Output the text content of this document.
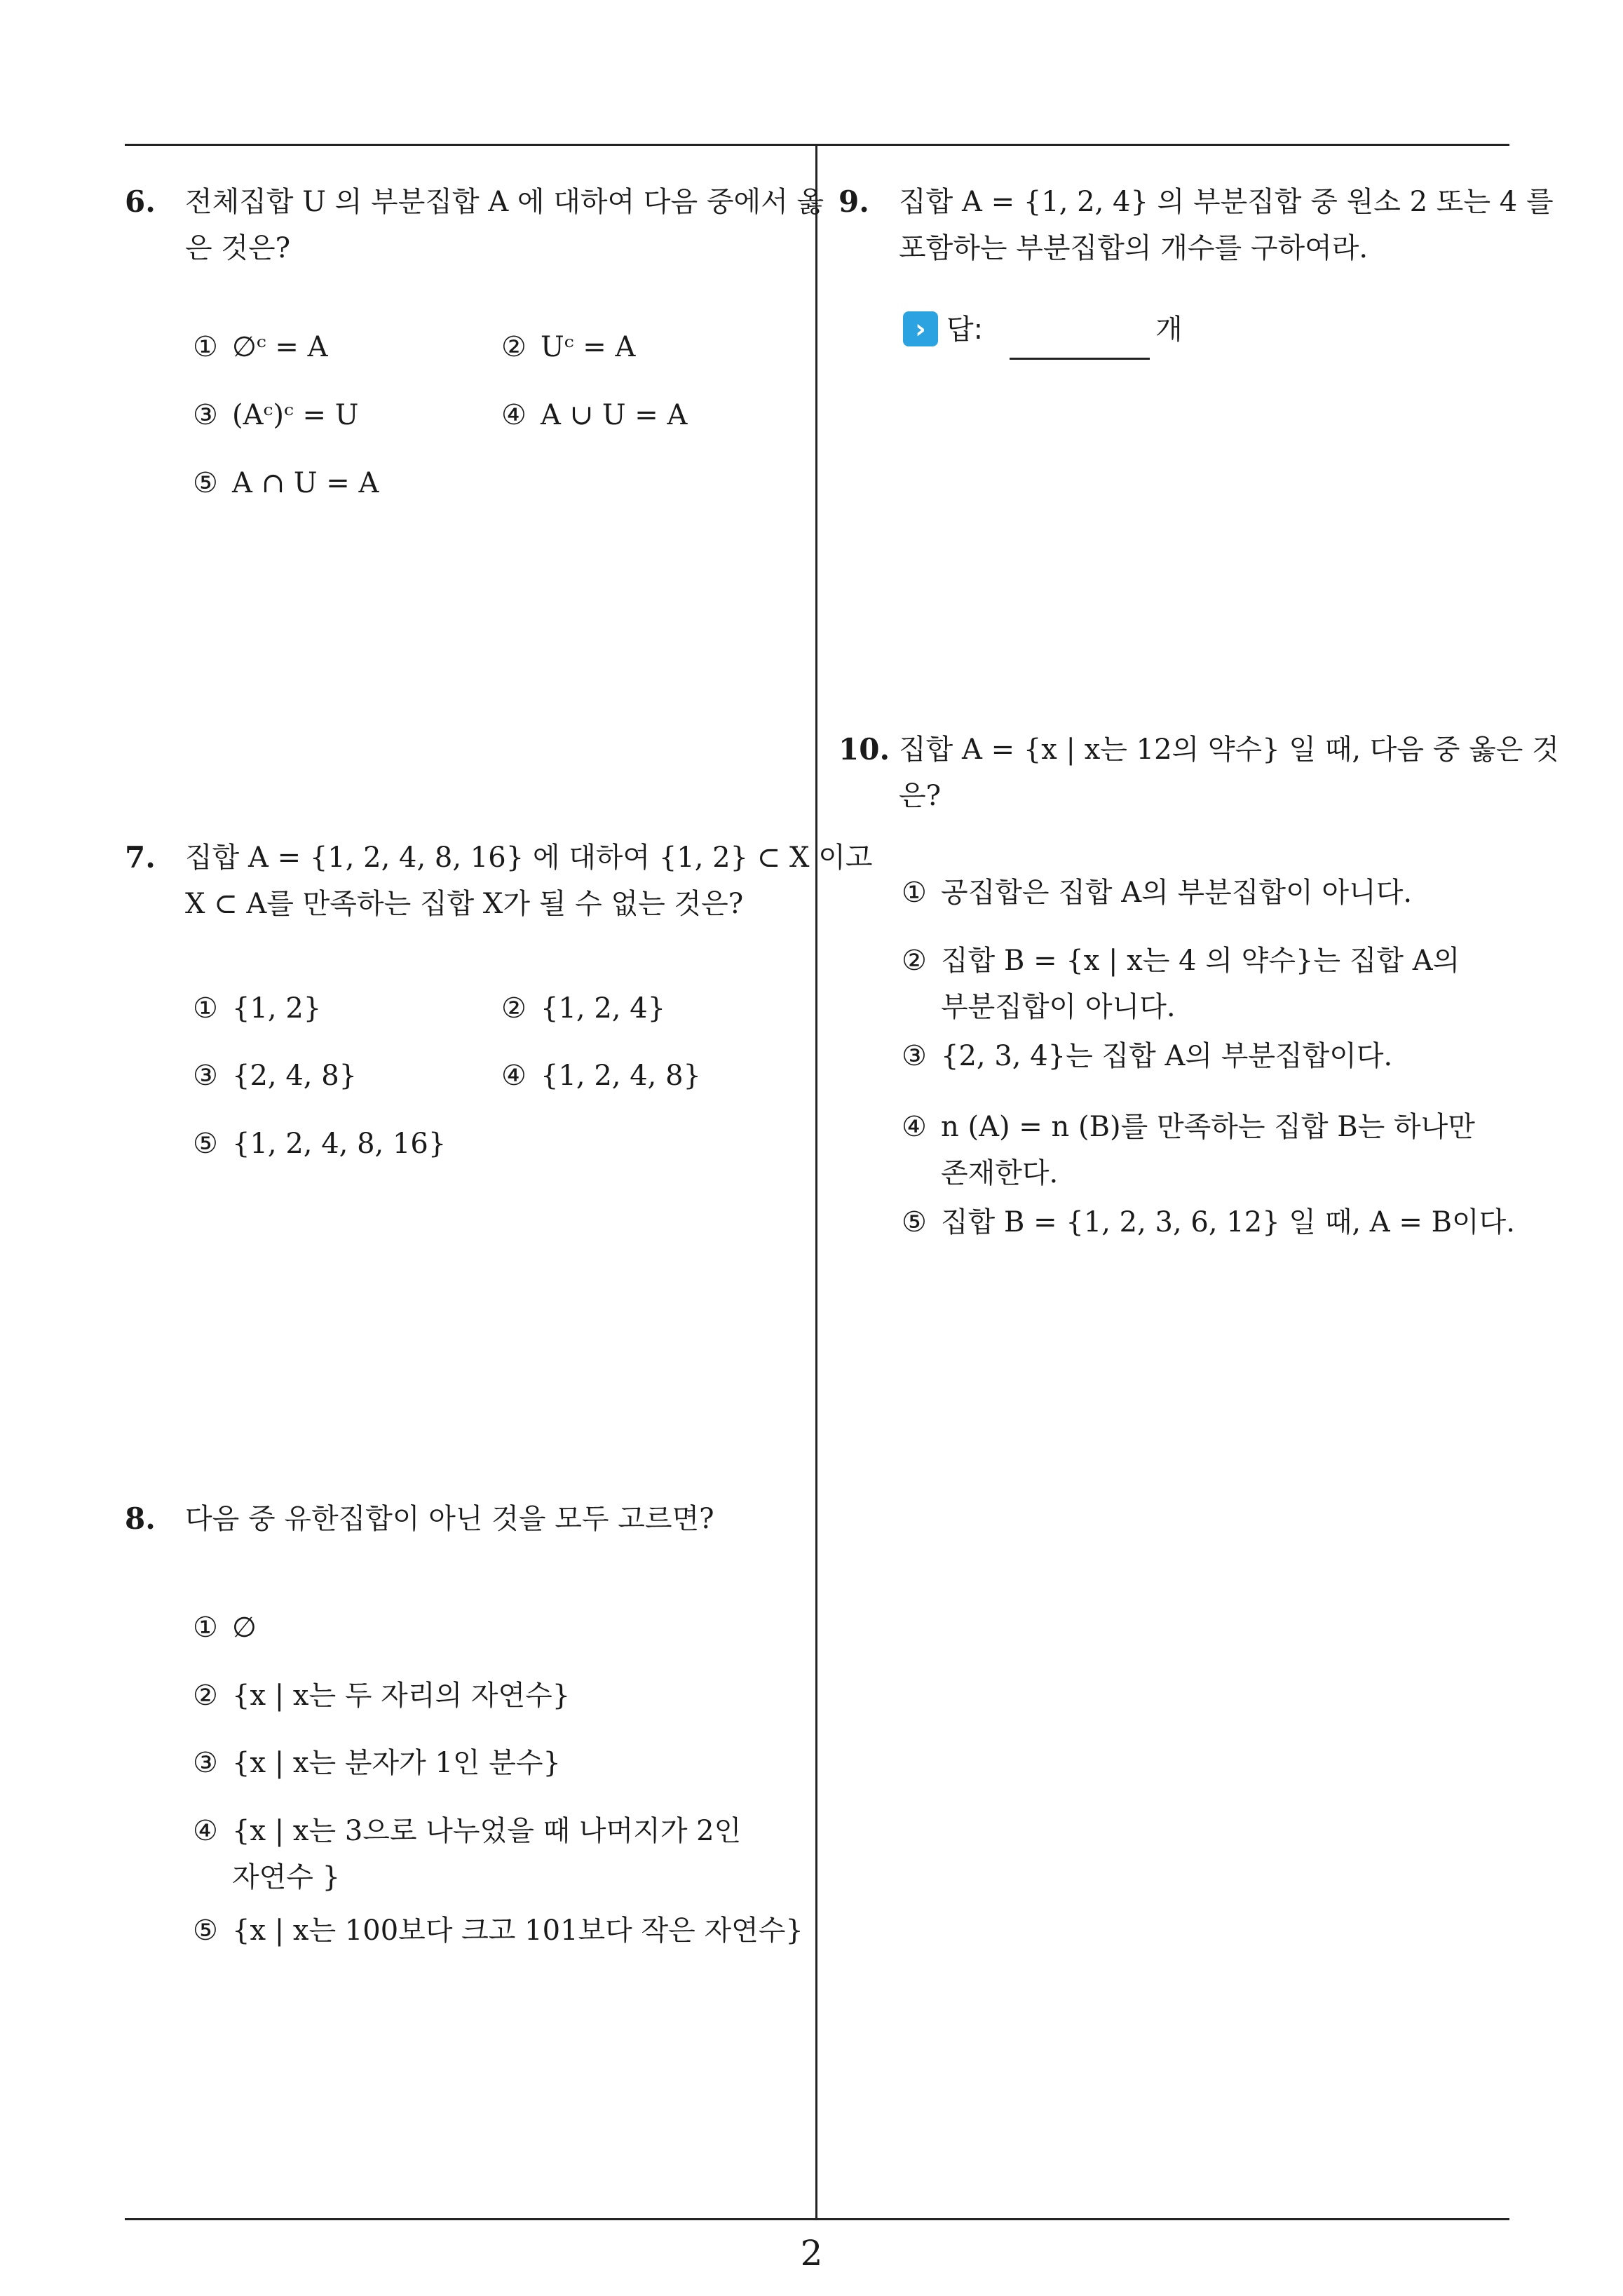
6. 전체집합 U 의 부분집합 A 에 대하여 다음 중에서 옳
은 것은?
① ∅ᶜ = A	② Uᶜ = A
③ (Aᶜ)ᶜ = U	④ A ∪ U = A
⑤ A ∩ U = A
7. 집합 A = {1, 2, 4, 8, 16} 에 대하여 {1, 2} ⊂ X 이고
X ⊂ A를 만족하는 집합 X가 될 수 없는 것은?
① {1, 2}	② {1, 2, 4}
③ {2, 4, 8}	④ {1, 2, 4, 8}
⑤ {1, 2, 4, 8, 16}
8. 다음 중 유한집합이 아닌 것을 모두 고르면?
① ∅
② {x | x는 두 자리의 자연수}
③ {x | x는 분자가 1인 분수}
④ {x | x는 3으로 나누었을 때 나머지가 2인
자연수 }
⑤ {x | x는 100보다 크고 101보다 작은 자연수}
9. 집합 A = {1, 2, 4} 의 부분집합 중 원소 2 또는 4 를
포함하는 부분집합의 개수를 구하여라.
› 답:	개
10. 집합 A = {x | x는 12의 약수} 일 때, 다음 중 옳은 것
은?
① 공집합은 집합 A의 부분집합이 아니다.
② 집합 B = {x | x는 4 의 약수}는 집합 A의
부분집합이 아니다.
③ {2, 3, 4}는 집합 A의 부분집합이다.
④ n (A) = n (B)를 만족하는 집합 B는 하나만
존재한다.
⑤ 집합 B = {1, 2, 3, 6, 12} 일 때, A = B이다.
2
